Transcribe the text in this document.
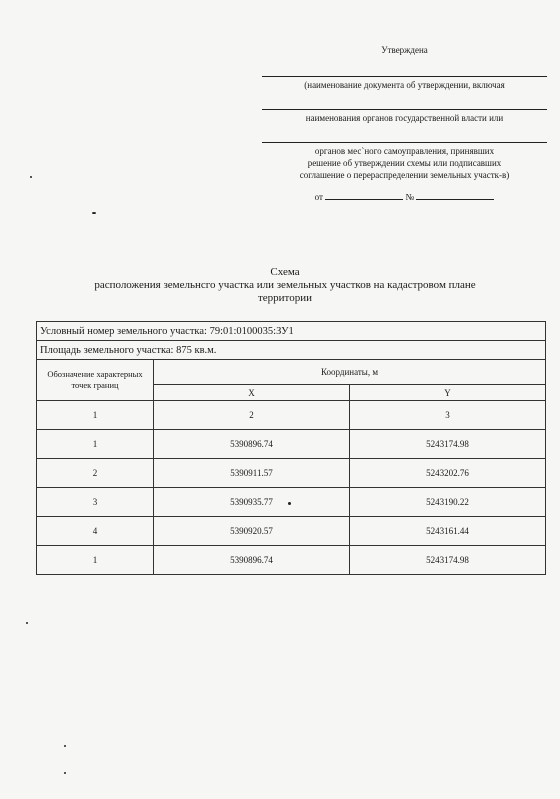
Утверждена
(наименование документа об утверждении, включая
наименования органов государственной власти или
органов мес`ного самоуправления, принявших
решение об утверждении схемы или подписавших
соглашение о перераспределении земельных участк-в)
от	№
Схема
расположения земельнсго участка или земельных участков на кадастровом плане
территории
Условный номер земельного участка: 79:01:0100035:ЗУ1		
Площадь земельного участка: 875 кв.м.		
Обозначение характерных точек границ	Координаты, м	
	X	Y
1	2	3
1	5390896.74	5243174.98
2	5390911.57	5243202.76
3	5390935.77	5243190.22
4	5390920.57	5243161.44
1	5390896.74	5243174.98
